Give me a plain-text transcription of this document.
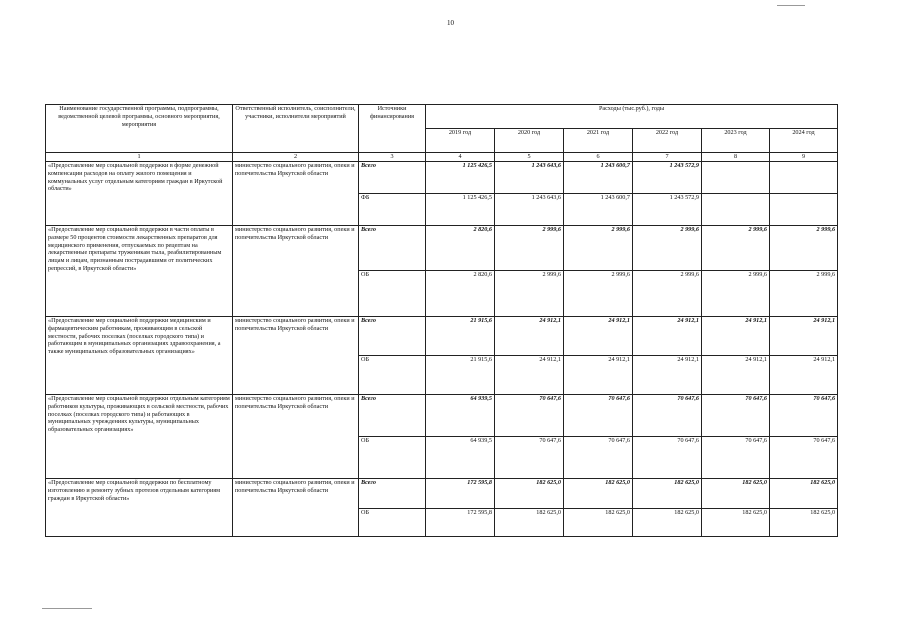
10
Наименование государственной программы, подпрограммы, ведомственной целевой программы, основного мероприятия, мероприятия	Ответственный исполнитель, соисполнители, участники, исполнители мероприятий	Источники финансирования	Расходы (тыс.руб.), годы					
			2019 год	2020 год	2021 год	2022 год	2023 год	2024 год
1	2	3	4	5	6	7	8	9
«Предоставление мер социальной поддержки в форме денежной компенсации расходов на оплату жилого помещения и коммунальных услуг отдельным категориям граждан в Иркутской области»	министерство социального развития, опеки и попечительства Иркутской области	Всего	1 125 426,5	1 243 643,6	1 243 600,7	1 243 572,9		
		ФБ	1 125 426,5	1 243 643,6	1 243 600,7	1 243 572,9		
«Предоставление мер социальной поддержки в части оплаты в размере 50 процентов стоимости лекарственных препаратов для медицинского применения, отпускаемых по рецептам на лекарственные препараты труженикам тыла, реабилитированным лицам и лицам, признанным пострадавшими от политических репрессий, в Иркутской области»	министерство социального развития, опеки и попечительства Иркутской области	Всего	2 820,6	2 999,6	2 999,6	2 999,6	2 999,6	2 999,6
		ОБ	2 820,6	2 999,6	2 999,6	2 999,6	2 999,6	2 999,6
«Предоставление мер социальной поддержки медицинским и фармацевтическим работникам, проживающим в сельской местности, рабочих поселках (поселках городского типа) и работающим в муниципальных организациях здравоохранения, а также муниципальных образовательных организациях»	министерство социального развития, опеки и попечительства Иркутской области	Всего	21 915,6	24 912,1	24 912,1	24 912,1	24 912,1	24 912,1
		ОБ	21 915,6	24 912,1	24 912,1	24 912,1	24 912,1	24 912,1
«Предоставление мер социальной поддержки отдельным категориям работников культуры, проживающих в сельской местности, рабочих поселках (поселках городского типа) и работающих в муниципальных учреждениях культуры, муниципальных образовательных организациях»	министерство социального развития, опеки и попечительства Иркутской области	Всего	64 939,5	70 647,6	70 647,6	70 647,6	70 647,6	70 647,6
		ОБ	64 939,5	70 647,6	70 647,6	70 647,6	70 647,6	70 647,6
«Предоставление мер социальной поддержки по бесплатному изготовлению и ремонту зубных протезов отдельным категориям граждан в Иркутской области»	министерство социального развития, опеки и попечительства Иркутской области	Всего	172 595,8	182 625,0	182 625,0	182 625,0	182 625,0	182 625,0
		ОБ	172 595,8	182 625,0	182 625,0	182 625,0	182 625,0	182 625,0
